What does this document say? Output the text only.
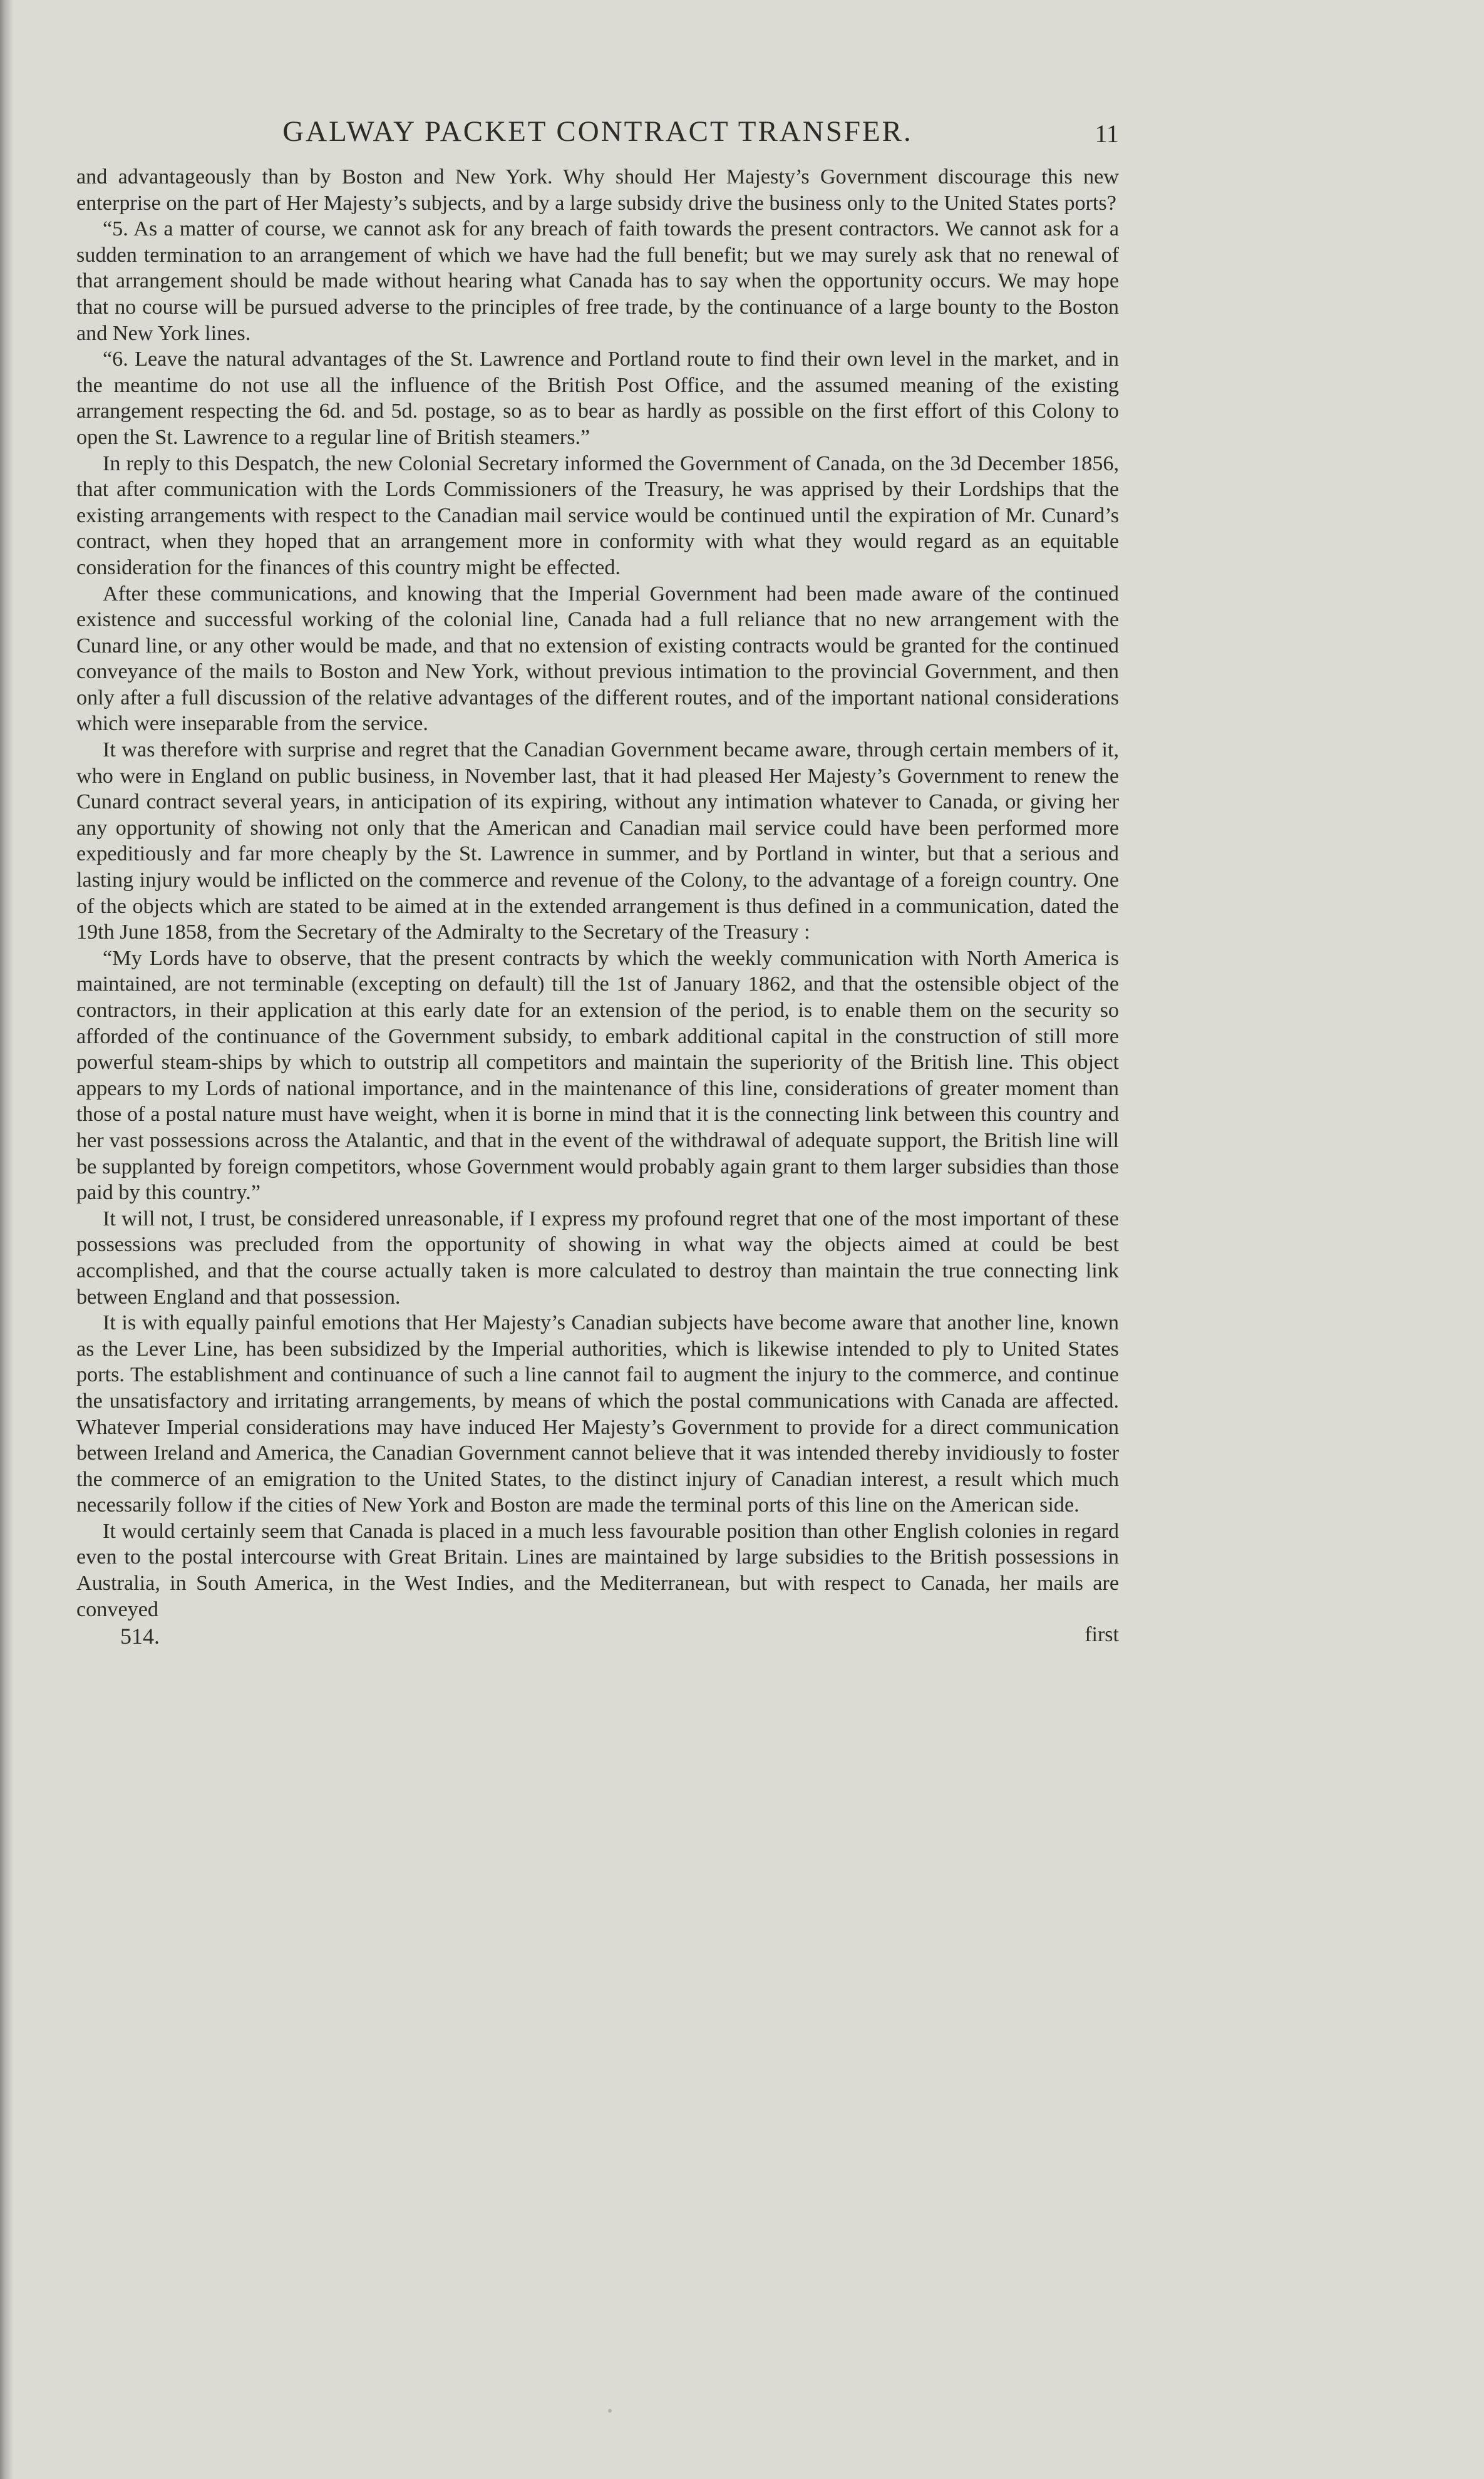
GALWAY PACKET CONTRACT TRANSFER.	11

and advantageously than by Boston and New York. Why should Her Majesty’s Government discourage this new enterprise on the part of Her Majesty’s subjects, and by a large subsidy drive the business only to the United States ports?

“5. As a matter of course, we cannot ask for any breach of faith towards the present contractors. We cannot ask for a sudden termination to an arrangement of which we have had the full benefit; but we may surely ask that no renewal of that arrangement should be made without hearing what Canada has to say when the opportunity occurs. We may hope that no course will be pursued adverse to the principles of free trade, by the continuance of a large bounty to the Boston and New York lines.

“6. Leave the natural advantages of the St. Lawrence and Portland route to find their own level in the market, and in the meantime do not use all the influence of the British Post Office, and the assumed meaning of the existing arrangement respecting the 6d. and 5d. postage, so as to bear as hardly as possible on the first effort of this Colony to open the St. Lawrence to a regular line of British steamers.”

In reply to this Despatch, the new Colonial Secretary informed the Government of Canada, on the 3d December 1856, that after communication with the Lords Commissioners of the Treasury, he was apprised by their Lordships that the existing arrangements with respect to the Canadian mail service would be continued until the expiration of Mr. Cunard’s contract, when they hoped that an arrangement more in conformity with what they would regard as an equitable consideration for the finances of this country might be effected.

After these communications, and knowing that the Imperial Government had been made aware of the continued existence and successful working of the colonial line, Canada had a full reliance that no new arrangement with the Cunard line, or any other would be made, and that no extension of existing contracts would be granted for the continued conveyance of the mails to Boston and New York, without previous intimation to the provincial Government, and then only after a full discussion of the relative advantages of the different routes, and of the important national considerations which were inseparable from the service.

It was therefore with surprise and regret that the Canadian Government became aware, through certain members of it, who were in England on public business, in November last, that it had pleased Her Majesty’s Government to renew the Cunard contract several years, in anticipation of its expiring, without any intimation whatever to Canada, or giving her any opportunity of showing not only that the American and Canadian mail service could have been performed more expeditiously and far more cheaply by the St. Lawrence in summer, and by Portland in winter, but that a serious and lasting injury would be inflicted on the commerce and revenue of the Colony, to the advantage of a foreign country. One of the objects which are stated to be aimed at in the extended arrangement is thus defined in a communication, dated the 19th June 1858, from the Secretary of the Admiralty to the Secretary of the Treasury :

“My Lords have to observe, that the present contracts by which the weekly communication with North America is maintained, are not terminable (excepting on default) till the 1st of January 1862, and that the ostensible object of the contractors, in their application at this early date for an extension of the period, is to enable them on the security so afforded of the continuance of the Government subsidy, to embark additional capital in the construction of still more powerful steam-ships by which to outstrip all competitors and maintain the superiority of the British line. This object appears to my Lords of national importance, and in the maintenance of this line, considerations of greater moment than those of a postal nature must have weight, when it is borne in mind that it is the connecting link between this country and her vast possessions across the Atalantic, and that in the event of the withdrawal of adequate support, the British line will be supplanted by foreign competitors, whose Government would probably again grant to them larger subsidies than those paid by this country.”

It will not, I trust, be considered unreasonable, if I express my profound regret that one of the most important of these possessions was precluded from the opportunity of showing in what way the objects aimed at could be best accomplished, and that the course actually taken is more calculated to destroy than maintain the true connecting link between England and that possession.

It is with equally painful emotions that Her Majesty’s Canadian subjects have become aware that another line, known as the Lever Line, has been subsidized by the Imperial authorities, which is likewise intended to ply to United States ports. The establishment and continuance of such a line cannot fail to augment the injury to the commerce, and continue the unsatisfactory and irritating arrangements, by means of which the postal communications with Canada are affected. Whatever Imperial considerations may have induced Her Majesty’s Government to provide for a direct communication between Ireland and America, the Canadian Government cannot believe that it was intended thereby invidiously to foster the commerce of an emigration to the United States, to the distinct injury of Canadian interest, a result which much necessarily follow if the cities of New York and Boston are made the terminal ports of this line on the American side.

It would certainly seem that Canada is placed in a much less favourable position than other English colonies in regard even to the postal intercourse with Great Britain. Lines are maintained by large subsidies to the British possessions in Australia, in South America, in the West Indies, and the Mediterranean, but with respect to Canada, her mails are conveyed

514.	first
